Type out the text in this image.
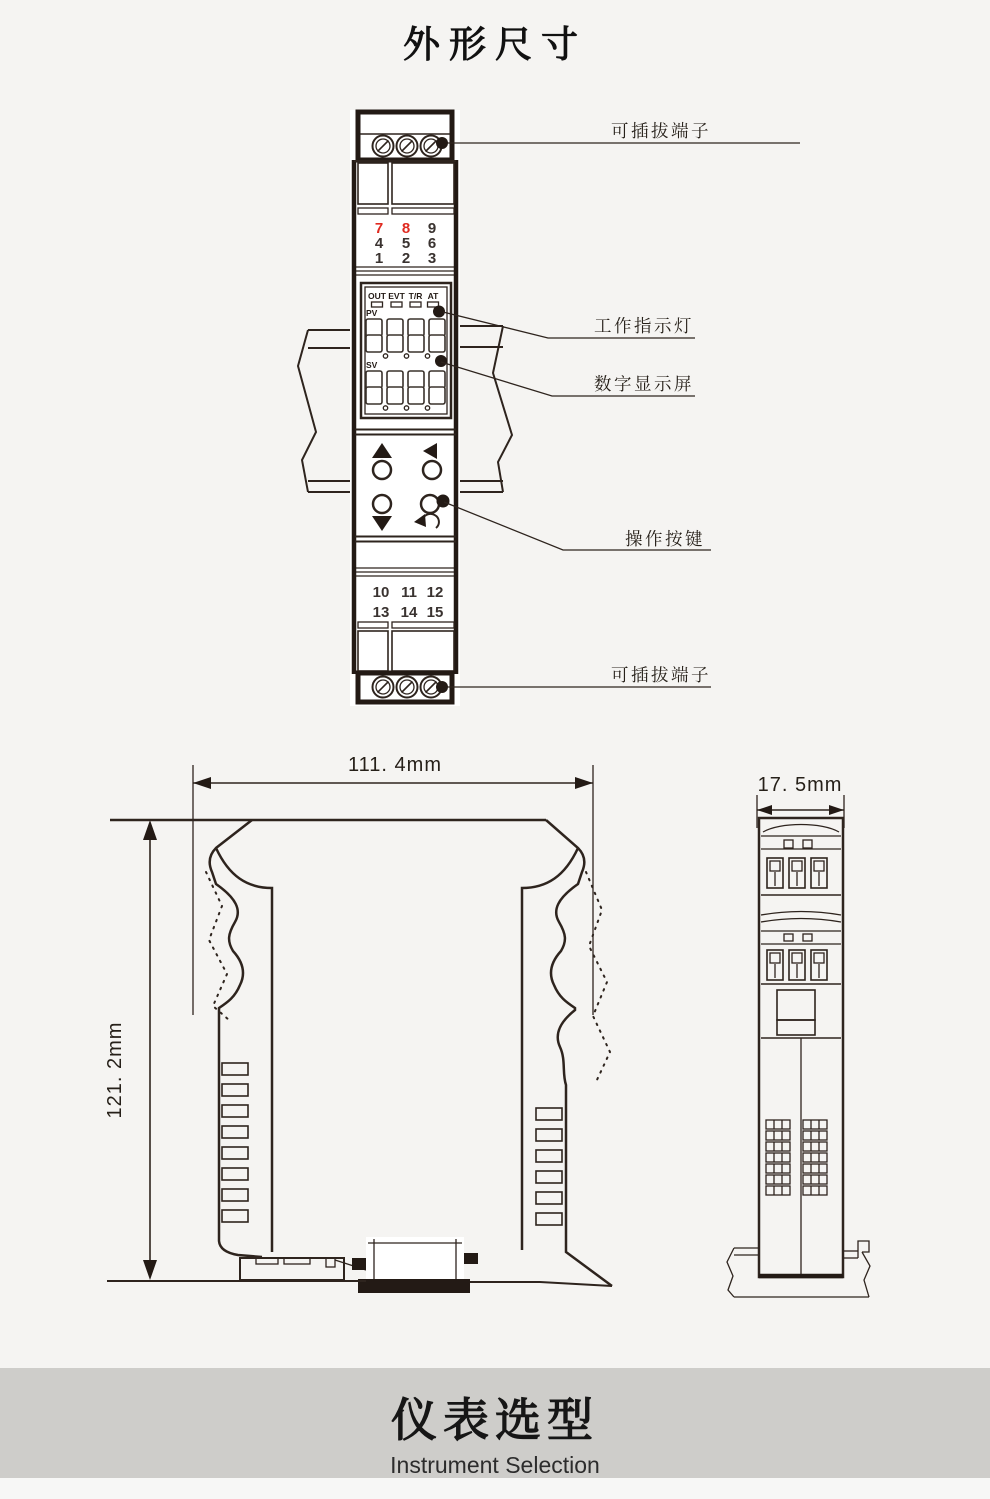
外形尺寸
7 8 9
4 5 6
1 2 3
OUT EVT T/R AT
PV
SV
10 11 12
13 14 15
可插拔端子
工作指示灯
数字显示屏
操作按键
可插拔端子
111. 4mm
121. 2mm
17. 5mm
仪表选型
Instrument Selection
